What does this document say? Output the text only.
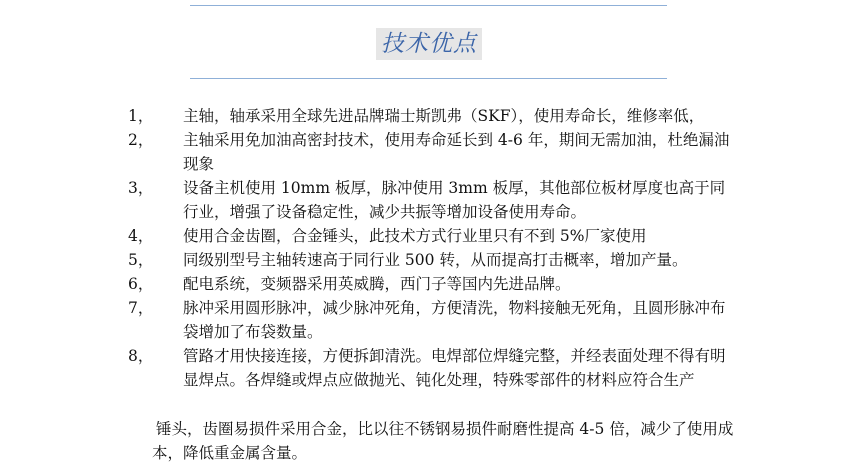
技术优点
1， 主轴，轴承采用全球先进品牌瑞士斯凯弗（SKF），使用寿命长，维修率低，
2， 主轴采用免加油高密封技术，使用寿命延长到 4-6 年，期间无需加油，杜绝漏油现象
3， 设备主机使用 10mm 板厚，脉冲使用 3mm 板厚，其他部位板材厚度也高于同行业，增强了设备稳定性，减少共振等增加设备使用寿命。
4， 使用合金齿圈，合金锤头，此技术方式行业里只有不到 5%厂家使用
5， 同级别型号主轴转速高于同行业 500 转，从而提高打击概率，增加产量。
6， 配电系统，变频器采用英威腾，西门子等国内先进品牌。
7， 脉冲采用圆形脉冲，减少脉冲死角，方便清洗，物料接触无死角，且圆形脉冲布袋增加了布袋数量。
8， 管路才用快接连接，方便拆卸清洗。电焊部位焊缝完整，并经表面处理不得有明显焊点。各焊缝或焊点应做抛光、钝化处理，特殊零部件的材料应符合生产

锤头，齿圈易损件采用合金，比以往不锈钢易损件耐磨性提高 4-5 倍，减少了使用成本，降低重金属含量。
